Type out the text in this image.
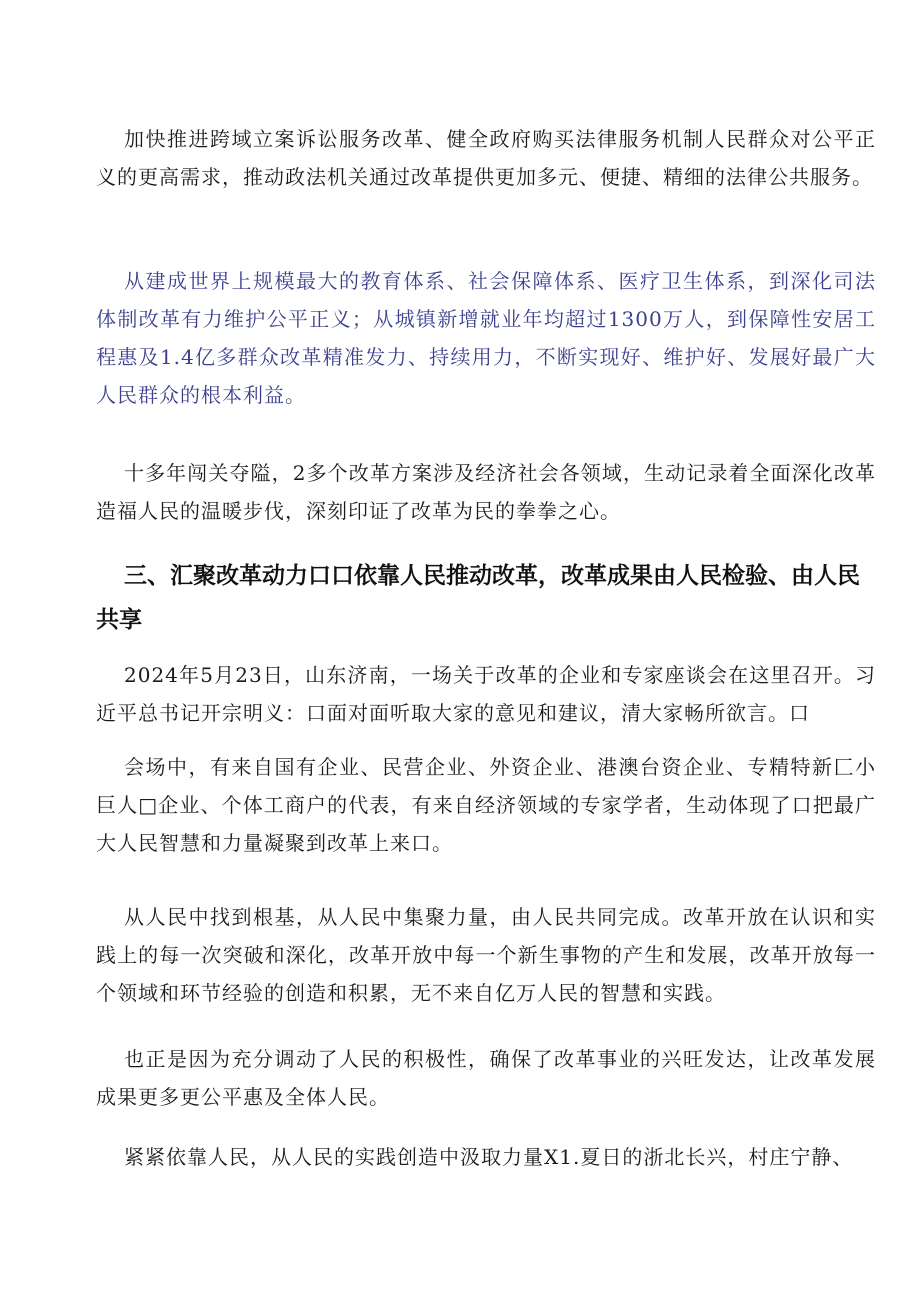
加快推进跨域立案诉讼服务改革、健全政府购买法律服务机制人民群众对公平正义的更高需求，推动政法机关通过改革提供更加多元、便捷、精细的法律公共服务。

从建成世界上规模最大的教育体系、社会保障体系、医疗卫生体系，到深化司法体制改革有力维护公平正义；从城镇新增就业年均超过1300万人，到保障性安居工程惠及1.4亿多群众改革精准发力、持续用力，不断实现好、维护好、发展好最广大人民群众的根本利益。

十多年闯关夺隘，2多个改革方案涉及经济社会各领域，生动记录着全面深化改革造福人民的温暖步伐，深刻印证了改革为民的拳拳之心。

三、汇聚改革动力口口依靠人民推动改革，改革成果由人民检验、由人民共享

2024年5月23日，山东济南，一场关于改革的企业和专家座谈会在这里召开。习近平总书记开宗明义：口面对面听取大家的意见和建议，清大家畅所欲言。口

会场中，有来自国有企业、民营企业、外资企业、港澳台资企业、专精特新匚小巨人□企业、个体工商户的代表，有来自经济领域的专家学者，生动体现了口把最广大人民智慧和力量凝聚到改革上来口。

从人民中找到根基，从人民中集聚力量，由人民共同完成。改革开放在认识和实践上的每一次突破和深化，改革开放中每一个新生事物的产生和发展，改革开放每一个领域和环节经验的创造和积累，无不来自亿万人民的智慧和实践。

也正是因为充分调动了人民的积极性，确保了改革事业的兴旺发达，让改革发展成果更多更公平惠及全体人民。

紧紧依靠人民，从人民的实践创造中汲取力量X1.夏日的浙北长兴，村庄宁静、
